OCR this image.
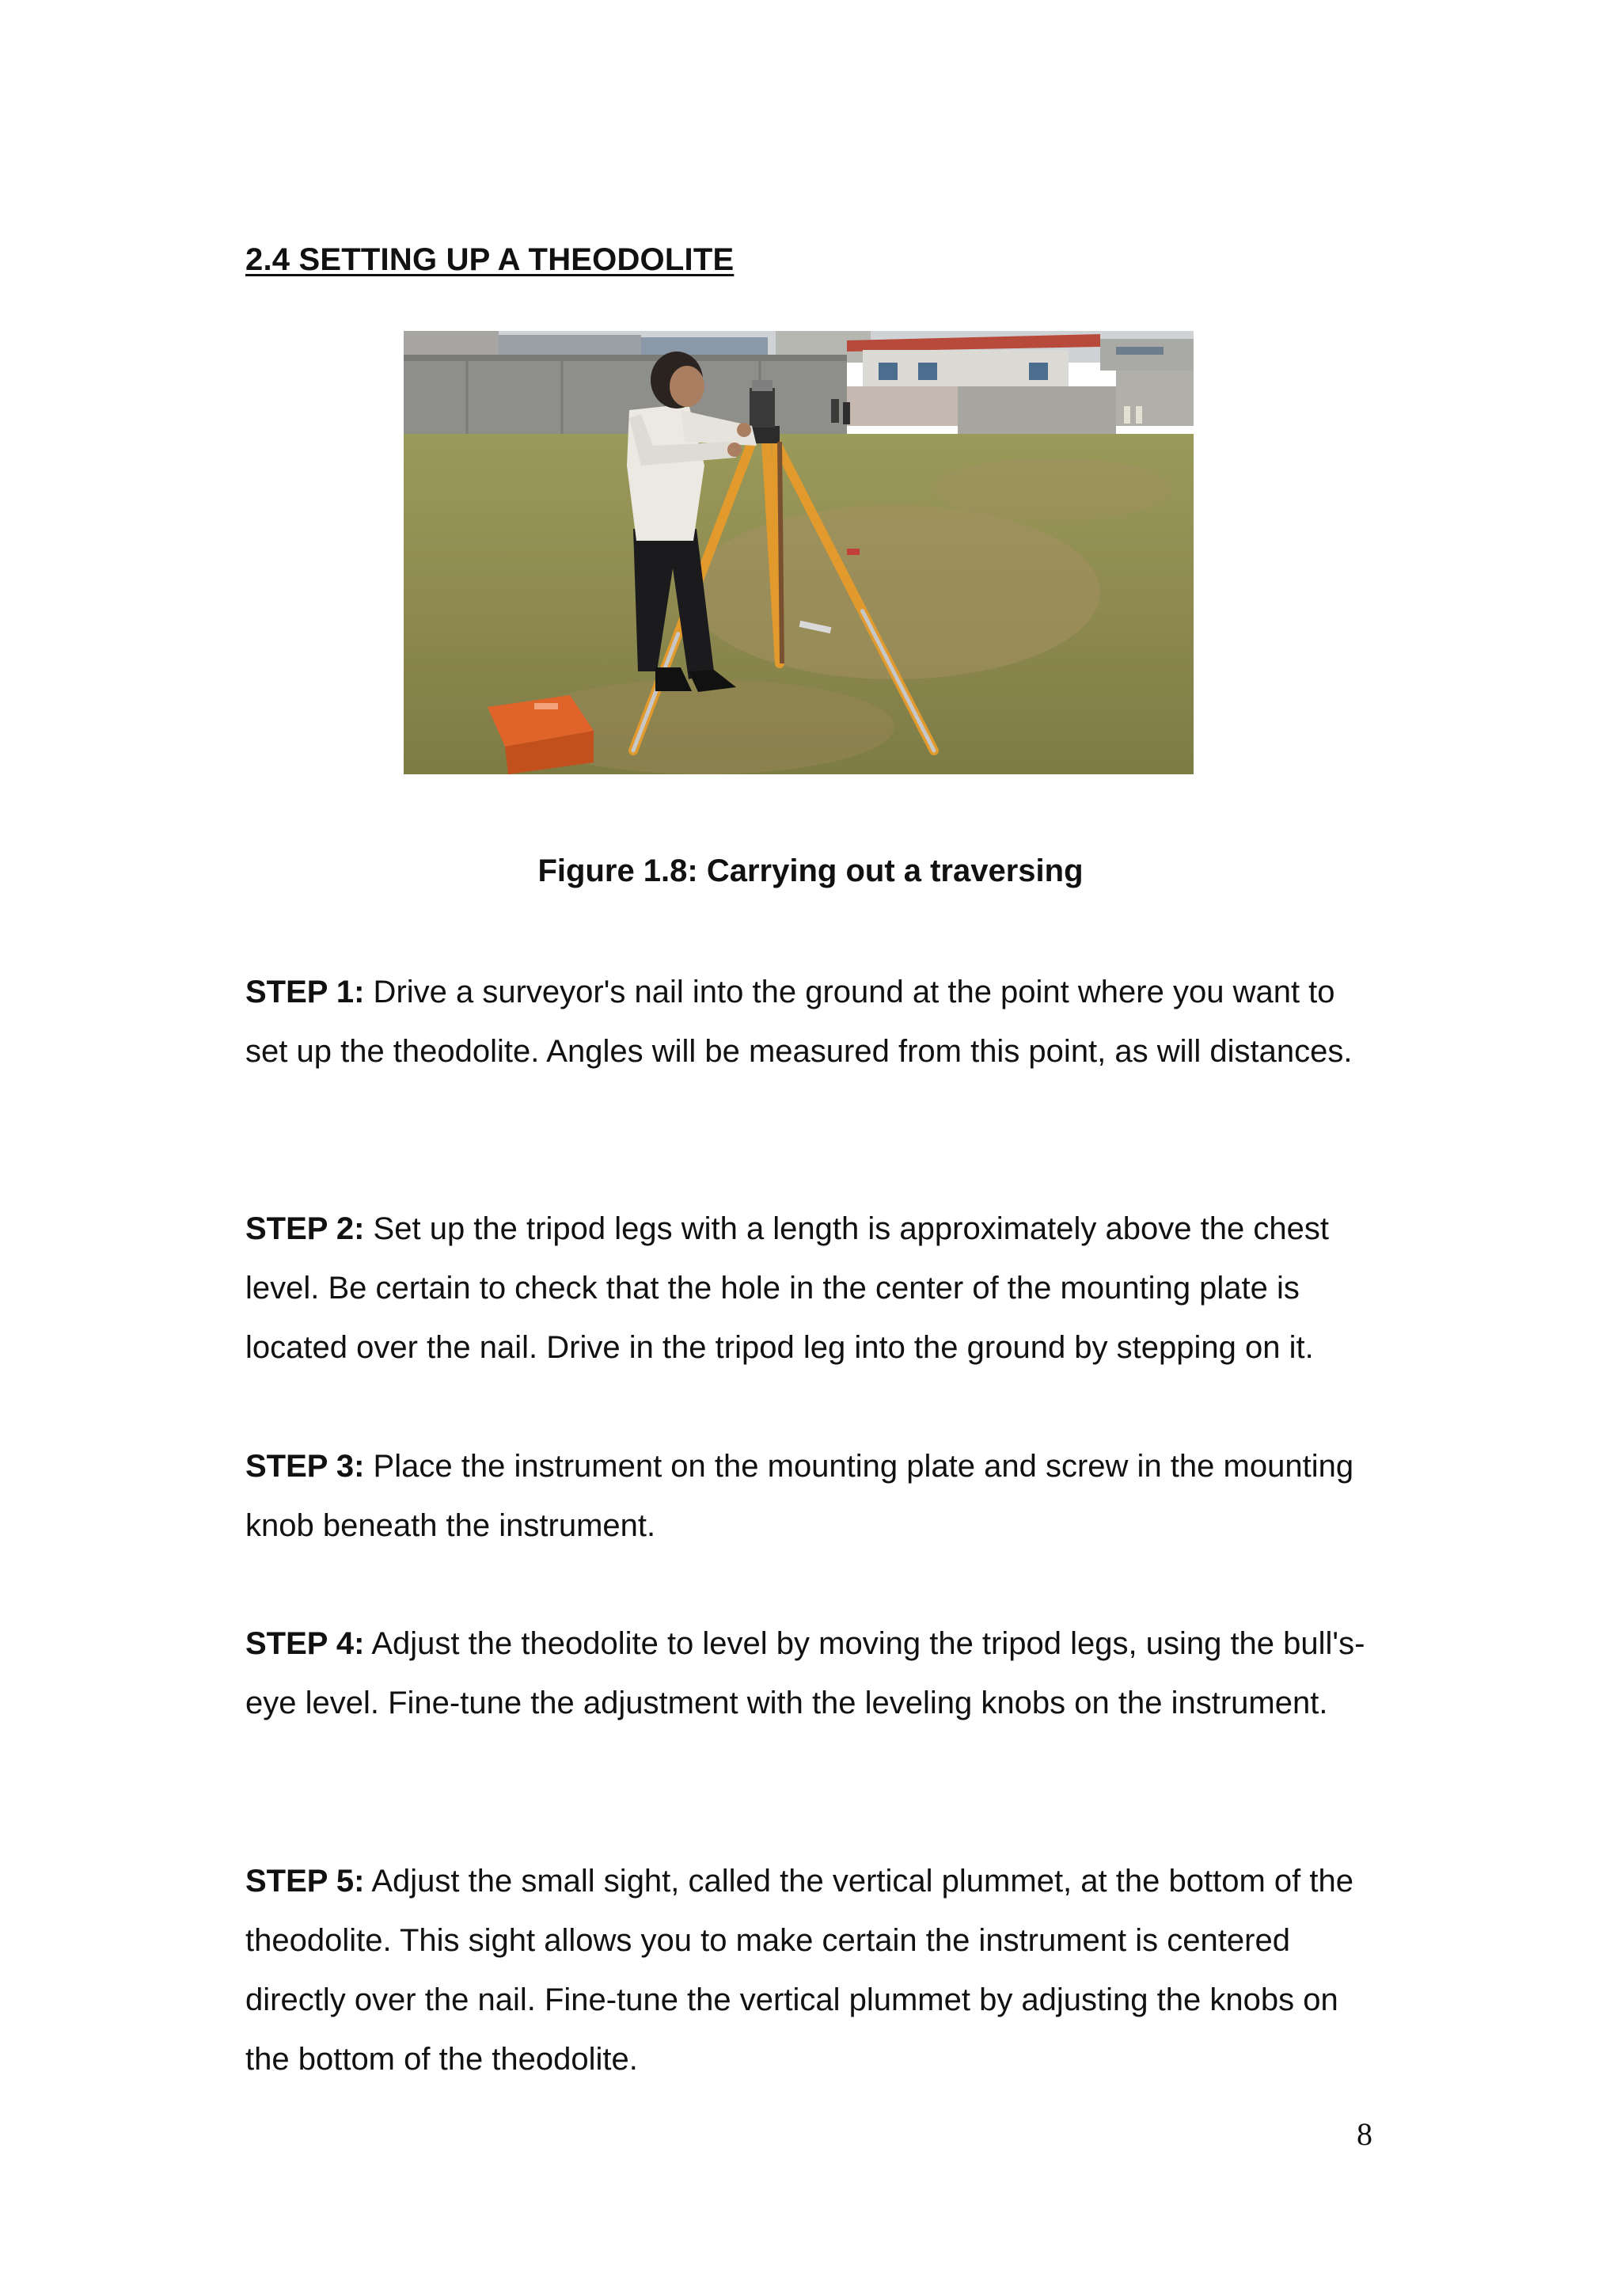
2.4 SETTING UP A THEODOLITE
Figure 1.8: Carrying out a traversing

STEP 1: Drive a surveyor's nail into the ground at the point where you want to set up the theodolite. Angles will be measured from this point, as will distances.

STEP 2: Set up the tripod legs with a length is approximately above the chest level. Be certain to check that the hole in the center of the mounting plate is located over the nail. Drive in the tripod leg into the ground by stepping on it.

STEP 3: Place the instrument on the mounting plate and screw in the mounting knob beneath the instrument.

STEP 4: Adjust the theodolite to level by moving the tripod legs, using the bull's-eye level. Fine-tune the adjustment with the leveling knobs on the instrument.

STEP 5: Adjust the small sight, called the vertical plummet, at the bottom of the theodolite. This sight allows you to make certain the instrument is centered directly over the nail. Fine-tune the vertical plummet by adjusting the knobs on the bottom of the theodolite.

8
